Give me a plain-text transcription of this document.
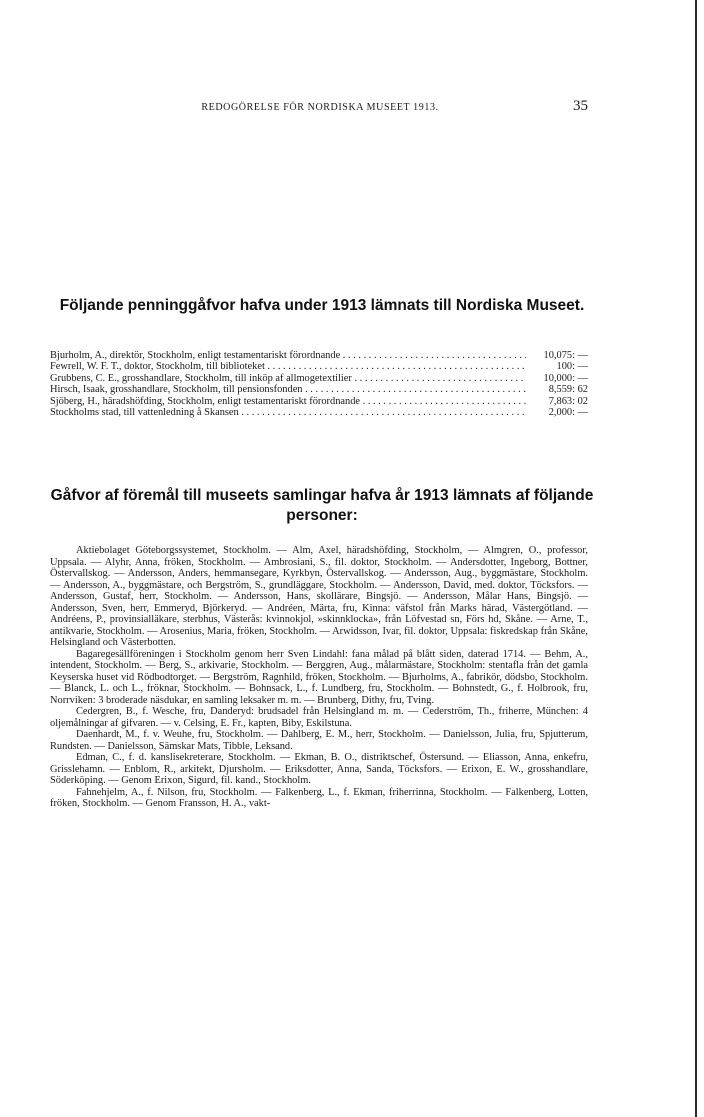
REDOGÖRELSE FÖR NORDISKA MUSEET 1913.	35
Följande penninggåfvor hafva under 1913 lämnats till Nordiska Museet.
Bjurholm, A., direktör, Stockholm, enligt testamentariskt förordnande . . .	10,075: —
Fewrell, W. F. T., doktor, Stockholm, till biblioteket . . .	100: —
Grubbens, C. E., grosshandlare, Stockholm, till inköp af allmogetextilier . . .	10,000: —
Hirsch, Isaak, grosshandlare, Stockholm, till pensionsfonden . . .	8,559: 62
Sjöberg, H., häradshöfding, Stockholm, enligt testamentariskt förordnande . . .	7,863: 02
Stockholms stad, till vattenledning å Skansen . . .	2,000: —
Gåfvor af föremål till museets samlingar hafva år 1913 lämnats af följande personer:

Aktiebolaget Göteborgssystemet, Stockholm. — Alm, Axel, häradshöfding, Stockholm, — Almgren, O., professor, Uppsala. — Alyhr, Anna, fröken, Stockholm. — Ambrosiani, S., fil. doktor, Stockholm. — Andersdotter, Ingeborg, Bottner, Östervallskog. — Andersson, Anders, hemmansegare, Kyrkbyn, Östervallskog. — Andersson, Aug., byggmästare, Stockholm. — Andersson, A., byggmästare, och Bergström, S., grundläggare, Stockholm. — Andersson, David, med. doktor, Töcksfors. — Andersson, Gustaf, herr, Stockholm. — Andersson, Hans, skollärare, Bingsjö. — Andersson, Målar Hans, Bingsjö. — Andersson, Sven, herr, Emmeryd, Björkeryd. — Andréen, Märta, fru, Kinna: väfstol från Marks härad, Västergötland. — Andréens, P., provinsialläkare, sterbhus, Västerås: kvinnokjol, »skinnklocka», från Löfvestad sn, Förs hd, Skåne. — Arne, T., antikvarie, Stockholm. — Arosenius, Maria, fröken, Stockholm. — Arwidsson, Ivar, fil. doktor, Uppsala: fiskredskap från Skåne, Helsingland och Västerbotten.

Bagaregesällföreningen i Stockholm genom herr Sven Lindahl: fana målad på blått siden, daterad 1714. — Behm, A., intendent, Stockholm. — Berg, S., arkivarie, Stockholm. — Berggren, Aug., målarmästare, Stockholm: stentafla från det gamla Keyserska huset vid Rödbodtorget. — Bergström, Ragnhild, fröken, Stockholm. — Bjurholms, A., fabrikör, dödsbo, Stockholm. — Blanck, L. och L., fröknar, Stockholm. — Bohnsack, L., f. Lundberg, fru, Stockholm. — Bohnstedt, G., f. Holbrook, fru, Norrviken: 3 broderade näsdukar, en samling leksaker m. m. — Brunberg, Dithy, fru, Tving.

Cedergren, B., f. Wesche, fru, Danderyd: brudsadel från Helsingland m. m. — Cederström, Th., friherre, München: 4 oljemålningar af gifvaren. — v. Celsing, E. Fr., kapten, Biby, Eskilstuna.

Daenhardt, M., f. v. Weuhe, fru, Stockholm. — Dahlberg, E. M., herr, Stockholm. — Danielsson, Julia, fru, Spjutterum, Rundsten. — Danielsson, Sämskar Mats, Tibble, Leksand.

Edman, C., f. d. kanslisekreterare, Stockholm. — Ekman, B. O., distriktschef, Östersund. — Eliasson, Anna, enkefru, Grisslehamn. — Enblom, R., arkitekt, Djursholm. — Eriksdotter, Anna, Sanda, Töcksfors. — Erixon, E. W., grosshandlare, Söderköping. — Genom Erixon, Sigurd, fil. kand., Stockholm.

Fahnehjelm, A., f. Nilson, fru, Stockholm. — Falkenberg, L., f. Ekman, friherrinna, Stockholm. — Falkenberg, Lotten, fröken, Stockholm. — Genom Fransson, H. A., vakt-
